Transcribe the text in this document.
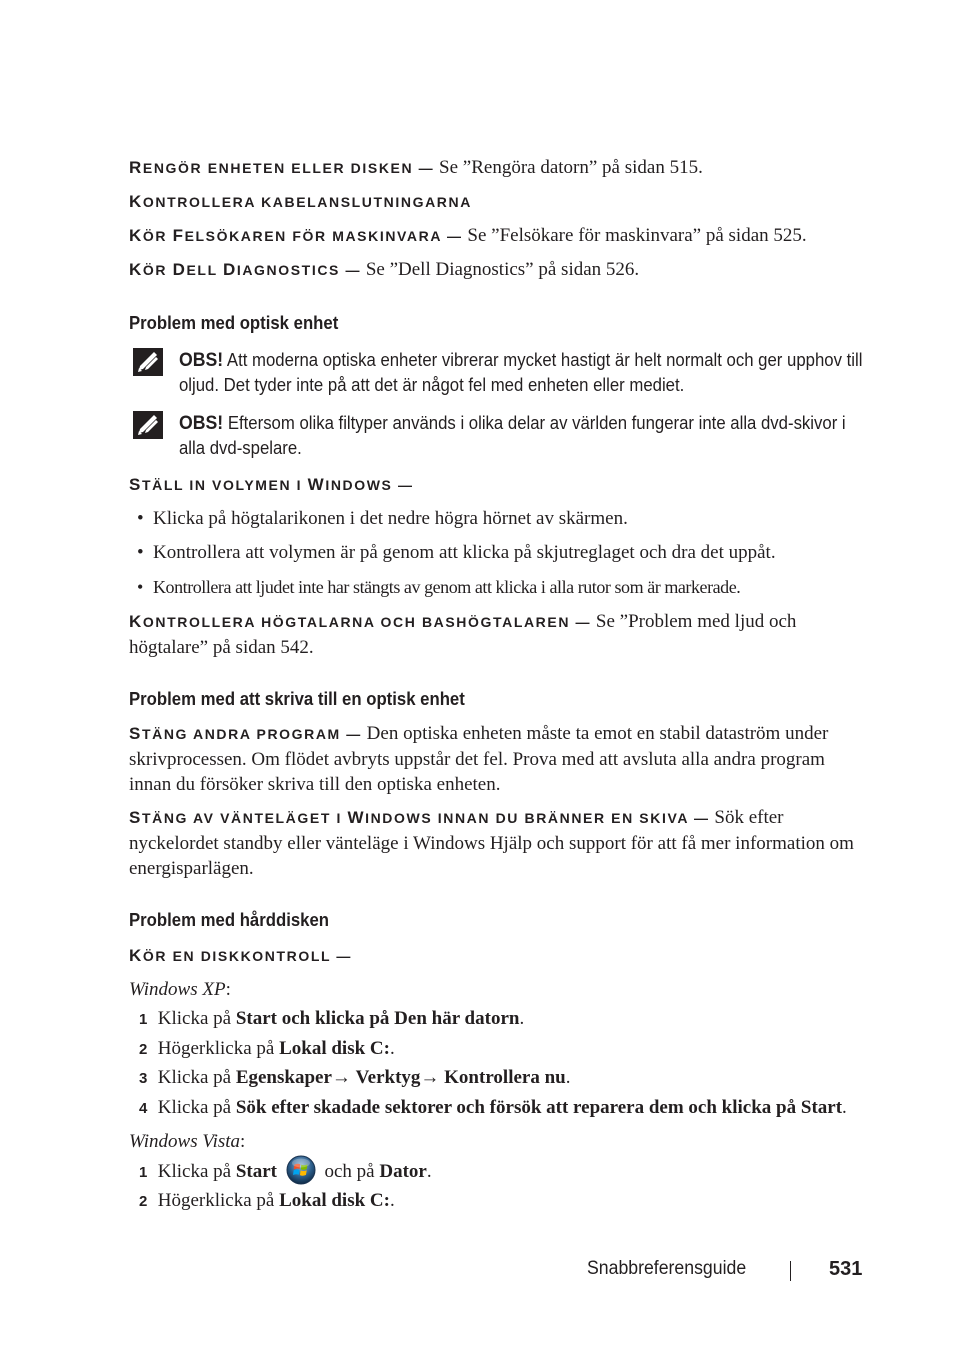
RENGÖR ENHETEN ELLER DISKEN — Se ”Rengöra datorn” på sidan 515.
KONTROLLERA KABELANSLUTNINGARNA
KÖR FELSÖKAREN FÖR MASKINVARA — Se ”Felsökare för maskinvara” på sidan 525.
KÖR DELL DIAGNOSTICS — Se ”Dell Diagnostics” på sidan 526.
Problem med optisk enhet
OBS! Att moderna optiska enheter vibrerar mycket hastigt är helt normalt och ger upphov till oljud. Det tyder inte på att det är något fel med enheten eller mediet.
OBS! Eftersom olika filtyper används i olika delar av världen fungerar inte alla dvd-skivor i alla dvd-spelare.
STÄLL IN VOLYMEN I WINDOWS —
• Klicka på högtalarikonen i det nedre högra hörnet av skärmen.
• Kontrollera att volymen är på genom att klicka på skjutreglaget och dra det uppåt.
• Kontrollera att ljudet inte har stängts av genom att klicka i alla rutor som är markerade.
KONTROLLERA HÖGTALARNA OCH BASHÖGTALAREN — Se ”Problem med ljud och högtalare” på sidan 542.
Problem med att skriva till en optisk enhet
STÄNG ANDRA PROGRAM — Den optiska enheten måste ta emot en stabil dataström under skrivprocessen. Om flödet avbryts uppstår det fel. Prova med att avsluta alla andra program innan du försöker skriva till den optiska enheten.
STÄNG AV VÄNTELÄGET I WINDOWS INNAN DU BRÄNNER EN SKIVA — Sök efter nyckelordet standby eller vänteläge i Windows Hjälp och support för att få mer information om energisparlägen.
Problem med hårddisken
KÖR EN DISKKONTROLL —
Windows XP:
1 Klicka på Start och klicka på Den här datorn.
2 Högerklicka på Lokal disk C:.
3 Klicka på Egenskaper→ Verktyg→ Kontrollera nu.
4 Klicka på Sök efter skadade sektorer och försök att reparera dem och klicka på Start.
Windows Vista:
1 Klicka på Start	och på Dator.
2 Högerklicka på Lokal disk C:.
Snabbreferensguide	531
